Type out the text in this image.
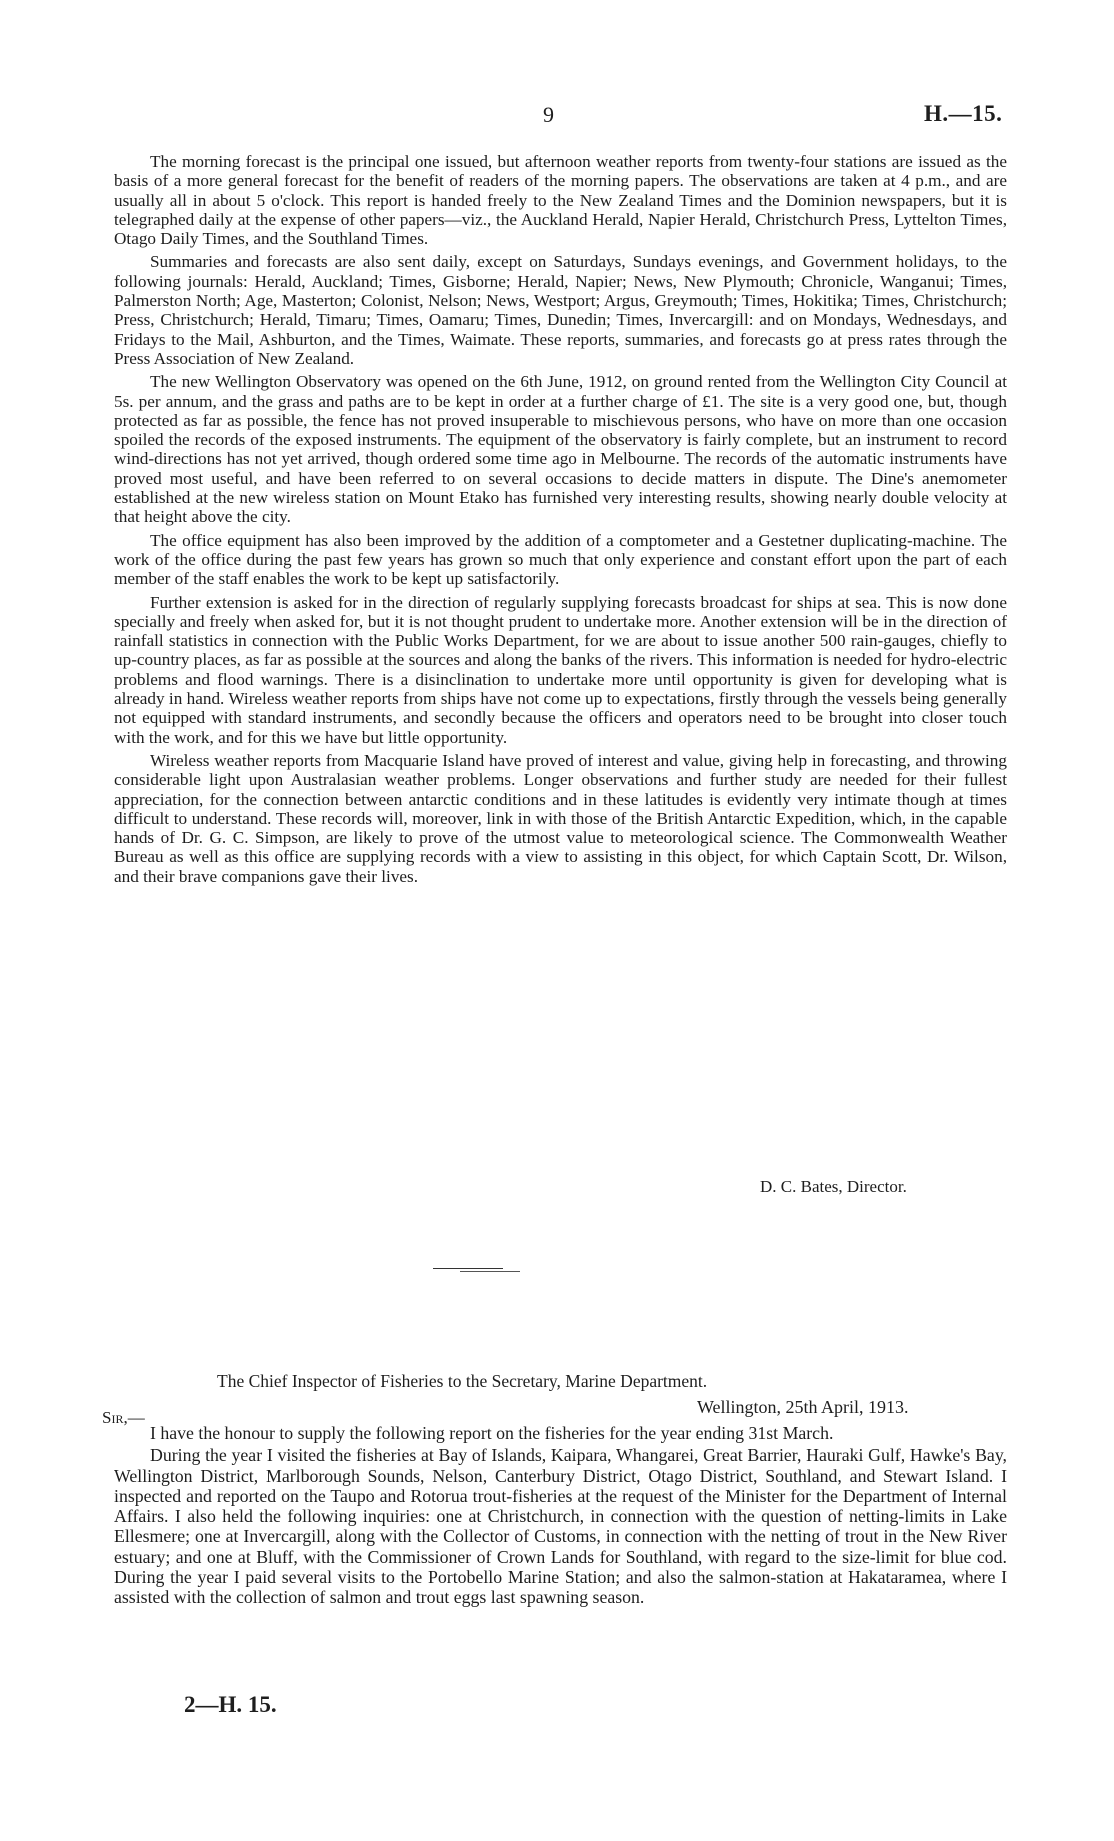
9	H.—15.

The morning forecast is the principal one issued, but afternoon weather reports from twenty-four stations are issued as the basis of a more general forecast for the benefit of readers of the morning papers. The observations are taken at 4 p.m., and are usually all in about 5 o'clock. This report is handed freely to the New Zealand Times and the Dominion newspapers, but it is telegraphed daily at the expense of other papers—viz., the Auckland Herald, Napier Herald, Christchurch Press, Lyttelton Times, Otago Daily Times, and the Southland Times.

Summaries and forecasts are also sent daily, except on Saturdays, Sundays evenings, and Government holidays, to the following journals: Herald, Auckland; Times, Gisborne; Herald, Napier; News, New Plymouth; Chronicle, Wanganui; Times, Palmerston North; Age, Masterton; Colonist, Nelson; News, Westport; Argus, Greymouth; Times, Hokitika; Times, Christchurch; Press, Christchurch; Herald, Timaru; Times, Oamaru; Times, Dunedin; Times, Invercargill: and on Mondays, Wednesdays, and Fridays to the Mail, Ashburton, and the Times, Waimate. These reports, summaries, and forecasts go at press rates through the Press Association of New Zealand.

The new Wellington Observatory was opened on the 6th June, 1912, on ground rented from the Wellington City Council at 5s. per annum, and the grass and paths are to be kept in order at a further charge of £1. The site is a very good one, but, though protected as far as possible, the fence has not proved insuperable to mischievous persons, who have on more than one occasion spoiled the records of the exposed instruments. The equipment of the observatory is fairly complete, but an instrument to record wind-directions has not yet arrived, though ordered some time ago in Melbourne. The records of the automatic instruments have proved most useful, and have been referred to on several occasions to decide matters in dispute. The Dine's anemometer established at the new wireless station on Mount Etako has furnished very interesting results, showing nearly double velocity at that height above the city.

The office equipment has also been improved by the addition of a comptometer and a Gestetner duplicating-machine. The work of the office during the past few years has grown so much that only experience and constant effort upon the part of each member of the staff enables the work to be kept up satisfactorily.

Further extension is asked for in the direction of regularly supplying forecasts broadcast for ships at sea. This is now done specially and freely when asked for, but it is not thought prudent to undertake more. Another extension will be in the direction of rainfall statistics in connection with the Public Works Department, for we are about to issue another 500 rain-gauges, chiefly to up-country places, as far as possible at the sources and along the banks of the rivers. This information is needed for hydro-electric problems and flood warnings. There is a disinclination to undertake more until opportunity is given for developing what is already in hand. Wireless weather reports from ships have not come up to expectations, firstly through the vessels being generally not equipped with standard instruments, and secondly because the officers and operators need to be brought into closer touch with the work, and for this we have but little opportunity.

Wireless weather reports from Macquarie Island have proved of interest and value, giving help in forecasting, and throwing considerable light upon Australasian weather problems. Longer observations and further study are needed for their fullest appreciation, for the connection between antarctic conditions and in these latitudes is evidently very intimate though at times difficult to understand. These records will, moreover, link in with those of the British Antarctic Expedition, which, in the capable hands of Dr. G. C. Simpson, are likely to prove of the utmost value to meteorological science. The Commonwealth Weather Bureau as well as this office are supplying records with a view to assisting in this object, for which Captain Scott, Dr. Wilson, and their brave companions gave their lives.

D. C. Bates, Director.
The Chief Inspector of Fisheries to the Secretary, Marine Department.
Wellington, 25th April, 1913.
Sir,—

I have the honour to supply the following report on the fisheries for the year ending 31st March.

During the year I visited the fisheries at Bay of Islands, Kaipara, Whangarei, Great Barrier, Hauraki Gulf, Hawke's Bay, Wellington District, Marlborough Sounds, Nelson, Canterbury District, Otago District, Southland, and Stewart Island. I inspected and reported on the Taupo and Rotorua trout-fisheries at the request of the Minister for the Department of Internal Affairs. I also held the following inquiries: one at Christchurch, in connection with the question of netting-limits in Lake Ellesmere; one at Invercargill, along with the Collector of Customs, in connection with the netting of trout in the New River estuary; and one at Bluff, with the Commissioner of Crown Lands for Southland, with regard to the size-limit for blue cod. During the year I paid several visits to the Portobello Marine Station; and also the salmon-station at Hakataramea, where I assisted with the collection of salmon and trout eggs last spawning season.

2—H. 15.
